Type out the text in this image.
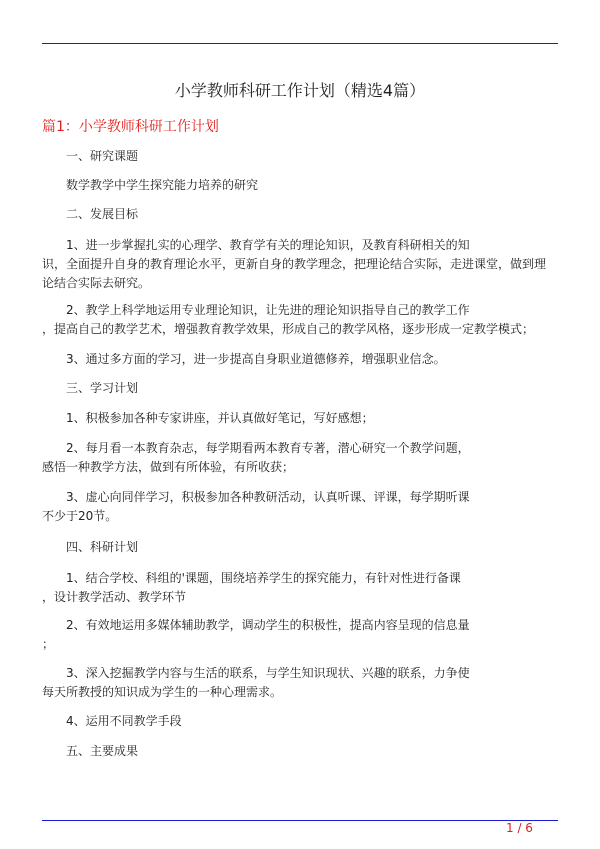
小学教师科研工作计划（精选4篇）
篇1：小学教师科研工作计划
一、研究课题
数学教学中学生探究能力培养的研究
二、发展目标
1、进一步掌握扎实的心理学、教育学有关的理论知识，及教育科研相关的知
识，全面提升自身的教育理论水平，更新自身的教学理念，把理论结合实际，走进课堂，做到理
论结合实际去研究。
2、教学上科学地运用专业理论知识，让先进的理论知识指导自己的教学工作
，提高自己的教学艺术，增强教育教学效果，形成自己的教学风格，逐步形成一定教学模式；
3、通过多方面的学习，进一步提高自身职业道德修养，增强职业信念。
三、学习计划
1、积极参加各种专家讲座，并认真做好笔记，写好感想；
2、每月看一本教育杂志，每学期看两本教育专著，潜心研究一个教学问题，
感悟一种教学方法，做到有所体验，有所收获；
3、虚心向同伴学习，积极参加各种教研活动，认真听课、评课，每学期听课
不少于20节。
四、科研计划
1、结合学校、科组的'课题，围绕培养学生的探究能力，有针对性进行备课
，设计教学活动、教学环节
2、有效地运用多媒体辅助教学，调动学生的积极性，提高内容呈现的信息量
；
3、深入挖掘教学内容与生活的联系，与学生知识现状、兴趣的联系，力争使
每天所教授的知识成为学生的一种心理需求。
4、运用不同教学手段
五、主要成果
1 / 6
